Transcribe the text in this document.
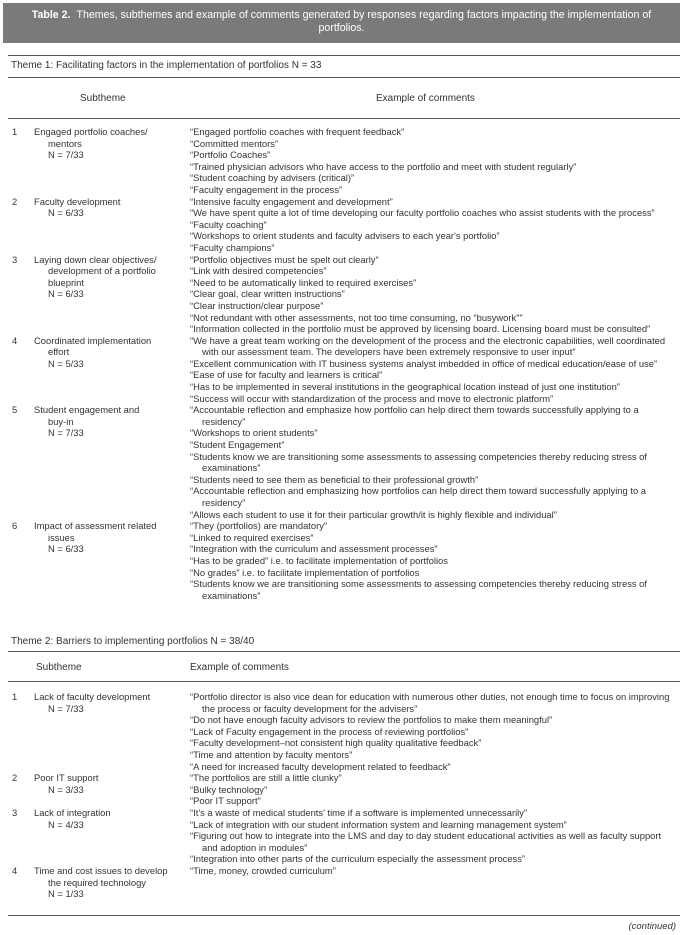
Table 2. Themes, subthemes and example of comments generated by responses regarding factors impacting the implementation of portfolios.
Theme 1: Facilitating factors in the implementation of portfolios N = 33
Subtheme	Example of comments
1	Engaged portfolio coaches/
mentors
N = 7/33
“Engaged portfolio coaches with frequent feedback”
“Committed mentors”
“Portfolio Coaches”
“Trained physician advisors who have access to the portfolio and meet with student regularly”
“Student coaching by advisers (critical)”
“Faculty engagement in the process”
2	Faculty development
N = 6/33
“Intensive faculty engagement and development”
“We have spent quite a lot of time developing our faculty portfolio coaches who assist students with the process”
“Faculty coaching”
“Workshops to orient students and faculty advisers to each year's portfolio”
“Faculty champions”
3	Laying down clear objectives/
development of a portfolio
blueprint
N = 6/33
“Portfolio objectives must be spelt out clearly”
“Link with desired competencies”
“Need to be automatically linked to required exercises”
“Clear goal, clear written instructions”
“Clear instruction/clear purpose”
“Not redundant with other assessments, not too time consuming, no “busywork””
“Information collected in the portfolio must be approved by licensing board. Licensing board must be consulted”
4	Coordinated implementation
effort
N = 5/33
“We have a great team working on the development of the process and the electronic capabilities, well coordinated
with our assessment team. The developers have been extremely responsive to user input”
“Excellent communication with IT business systems analyst imbedded in office of medical education/ease of use”
“Ease of use for faculty and learners is critical”
“Has to be implemented in several institutions in the geographical location instead of just one institution”
“Success will occur with standardization of the process and move to electronic platform”
5	Student engagement and
buy-in
N = 7/33
“Accountable reflection and emphasize how portfolio can help direct them towards successfully applying to a
residency”
“Workshops to orient students”
“Student Engagement”
“Students know we are transitioning some assessments to assessing competencies thereby reducing stress of
examinations”
“Students need to see them as beneficial to their professional growth”
“Accountable reflection and emphasizing how portfolios can help direct them toward successfully applying to a
residency”
“Allows each student to use it for their particular growth/it is highly flexible and individual”
6	Impact of assessment related
issues
N = 6/33
“They (portfolios) are mandatory”
“Linked to required exercises”
“Integration with the curriculum and assessment processes”
“Has to be graded” i.e. to facilitate implementation of portfolios
“No grades” i.e. to facilitate implementation of portfolios
“Students know we are transitioning some assessments to assessing competencies thereby reducing stress of
examinations”
Theme 2: Barriers to implementing portfolios N = 38/40
Subtheme	Example of comments
1	Lack of faculty development
N = 7/33
“Portfolio director is also vice dean for education with numerous other duties, not enough time to focus on improving
the process or faculty development for the advisers”
“Do not have enough faculty advisors to review the portfolios to make them meaningful”
“Lack of Faculty engagement in the process of reviewing portfolios”
“Faculty development–not consistent high quality qualitative feedback”
“Time and attention by faculty mentors”
“A need for increased faculty development related to feedback”
2	Poor IT support
N = 3/33
“The portfolios are still a little clunky”
“Bulky technology”
“Poor IT support”
3	Lack of integration
N = 4/33
“It's a waste of medical students' time if a software is implemented unnecessarily”
“Lack of integration with our student information system and learning management system”
“Figuring out how to integrate into the LMS and day to day student educational activities as well as faculty support
and adoption in modules”
“Integration into other parts of the curriculum especially the assessment process”
4	Time and cost issues to develop
the required technology
N = 1/33
“Time, money, crowded curriculum”
(continued)
